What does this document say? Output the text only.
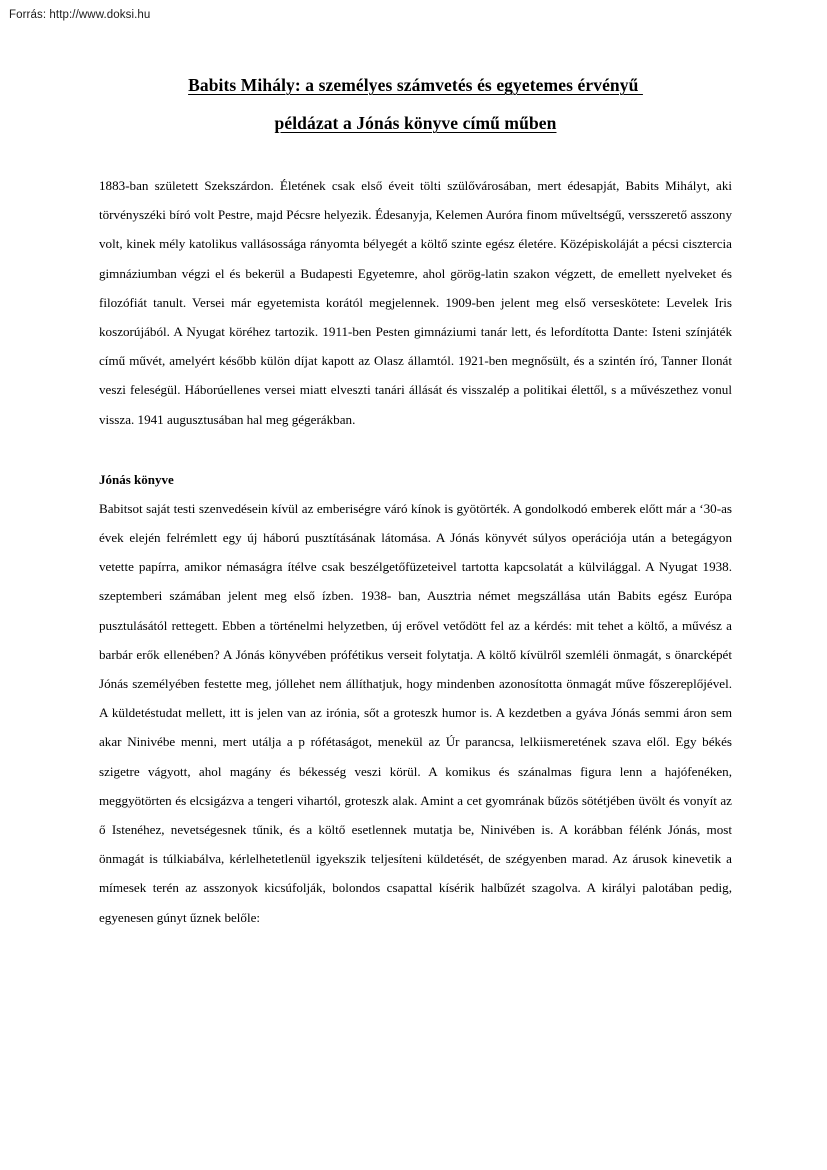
Forrás: http://www.doksi.hu
Babits Mihály: a személyes számvetés és egyetemes érvényű
példázat a Jónás könyve című műben

1883-ban született Szekszárdon. Életének csak első éveit tölti szülővárosában, mert édesapját, Babits Mihályt, aki törvényszéki bíró volt Pestre, majd Pécsre helyezik. Édesanyja, Kelemen Auróra finom műveltségű, versszerető asszony volt, kinek mély katolikus vallásossága rányomta bélyegét a költő szinte egész életére. Középiskoláját a pécsi cisztercia gimnáziumban végzi el és bekerül a Budapesti Egyetemre, ahol görög-latin szakon végzett, de emellett nyelveket és filozófiát tanult. Versei már egyetemista korától megjelennek. 1909-ben jelent meg első verseskötete: Levelek Iris koszorújából. A Nyugat köréhez tartozik. 1911-ben Pesten gimnáziumi tanár lett, és lefordította Dante: Isteni színjáték című művét, amelyért később külön díjat kapott az Olasz államtól. 1921-ben megnősült, és a szintén író, Tanner Ilonát veszi feleségül. Háborúellenes versei miatt elveszti tanári állását és visszalép a politikai élettől, s a művészethez vonul vissza. 1941 augusztusában hal meg gégerákban.

Jónás könyve

Babitsot saját testi szenvedésein kívül az emberiségre váró kínok is gyötörték. A gondolkodó emberek előtt már a ‘30-as évek elején felrémlett egy új háború pusztításának látomása. A Jónás könyvét súlyos operációja után a betegágyon vetette papírra, amikor némaságra ítélve csak beszélgetőfüzeteivel tartotta kapcsolatát a külvilággal. A Nyugat 1938. szeptemberi számában jelent meg első ízben. 1938- ban, Ausztria német megszállása után Babits egész Európa pusztulásától rettegett. Ebben a történelmi helyzetben, új erővel vetődött fel az a kérdés: mit tehet a költő, a művész a barbár erők ellenében? A Jónás könyvében prófétikus verseit folytatja. A költő kívülről szemléli önmagát, s önarcképét Jónás személyében festette meg, jóllehet nem állíthatjuk, hogy mindenben azonosította önmagát műve főszereplőjével. A küldetéstudat mellett, itt is jelen van az irónia, sőt a groteszk humor is. A kezdetben a gyáva Jónás semmi áron sem akar Ninivébe menni, mert utálja a p rófétaságot, menekül az Úr parancsa, lelkiismeretének szava elől. Egy békés szigetre vágyott, ahol magány és békesség veszi körül. A komikus és szánalmas figura lenn a hajófenéken, meggyötörten és elcsigázva a tengeri vihartól, groteszk alak. Amint a cet gyomrának bűzös sötétjében üvölt és vonyít az ő Istenéhez, nevetségesnek tűnik, és a költő esetlennek mutatja be, Ninivében is. A korábban félénk Jónás, most önmagát is túlkiabálva, kérlelhetetlenül igyekszik teljesíteni küldetését, de szégyenben marad. Az árusok kinevetik a mímesek terén az asszonyok kicsúfolják, bolondos csapattal kísérik halbűzét szagolva. A királyi palotában pedig, egyenesen gúnyt űznek belőle:
